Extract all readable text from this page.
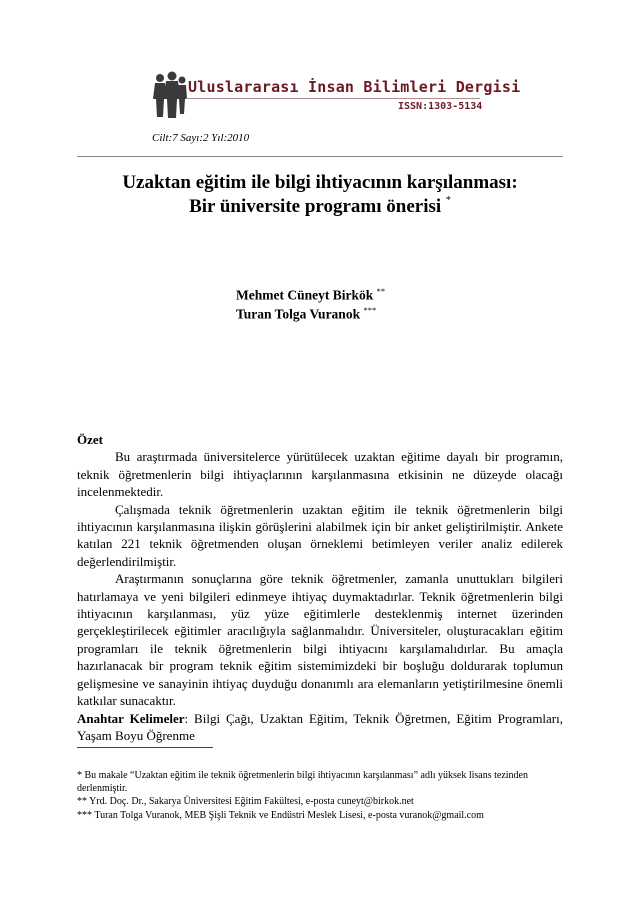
Uluslararası İnsan Bilimleri Dergisi
ISSN:1303-5134
Cilt:7 Sayı:2 Yıl:2010
Uzaktan eğitim ile bilgi ihtiyacının karşılanması:
Bir üniversite programı önerisi *
Mehmet Cüneyt Birkök **
Turan Tolga Vuranok ***
Özet

Bu araştırmada üniversitelerce yürütülecek uzaktan eğitime dayalı bir programın, teknik öğretmenlerin bilgi ihtiyaçlarının karşılanmasına etkisinin ne düzeyde olacağı incelenmektedir.

Çalışmada teknik öğretmenlerin uzaktan eğitim ile teknik öğretmenlerin bilgi ihtiyacının karşılanmasına ilişkin görüşlerini alabilmek için bir anket geliştirilmiştir. Ankete katılan 221 teknik öğretmenden oluşan örneklemi betimleyen veriler analiz edilerek değerlendirilmiştir.

Araştırmanın sonuçlarına göre teknik öğretmenler, zamanla unuttukları bilgileri hatırlamaya ve yeni bilgileri edinmeye ihtiyaç duymaktadırlar. Teknik öğretmenlerin bilgi ihtiyacının karşılanması, yüz yüze eğitimlerle desteklenmiş internet üzerinden gerçekleştirilecek eğitimler aracılığıyla sağlanmalıdır. Üniversiteler, oluşturacakları eğitim programları ile teknik öğretmenlerin bilgi ihtiyacını karşılamalıdırlar. Bu amaçla hazırlanacak bir program teknik eğitim sistemimizdeki bir boşluğu doldurarak toplumun gelişmesine ve sanayinin ihtiyaç duyduğu donanımlı ara elemanların yetiştirilmesine önemli katkılar sunacaktır.

Anahtar Kelimeler: Bilgi Çağı, Uzaktan Eğitim, Teknik Öğretmen, Eğitim Programları, Yaşam Boyu Öğrenme

* Bu makale “Uzaktan eğitim ile teknik öğretmenlerin bilgi ihtiyacının karşılanması” adlı yüksek lisans tezinden derlenmiştir.
** Yrd. Doç. Dr., Sakarya Üniversitesi Eğitim Fakültesi, e-posta cuneyt@birkok.net
*** Turan Tolga Vuranok, MEB Şişli Teknik ve Endüstri Meslek Lisesi, e-posta vuranok@gmail.com
